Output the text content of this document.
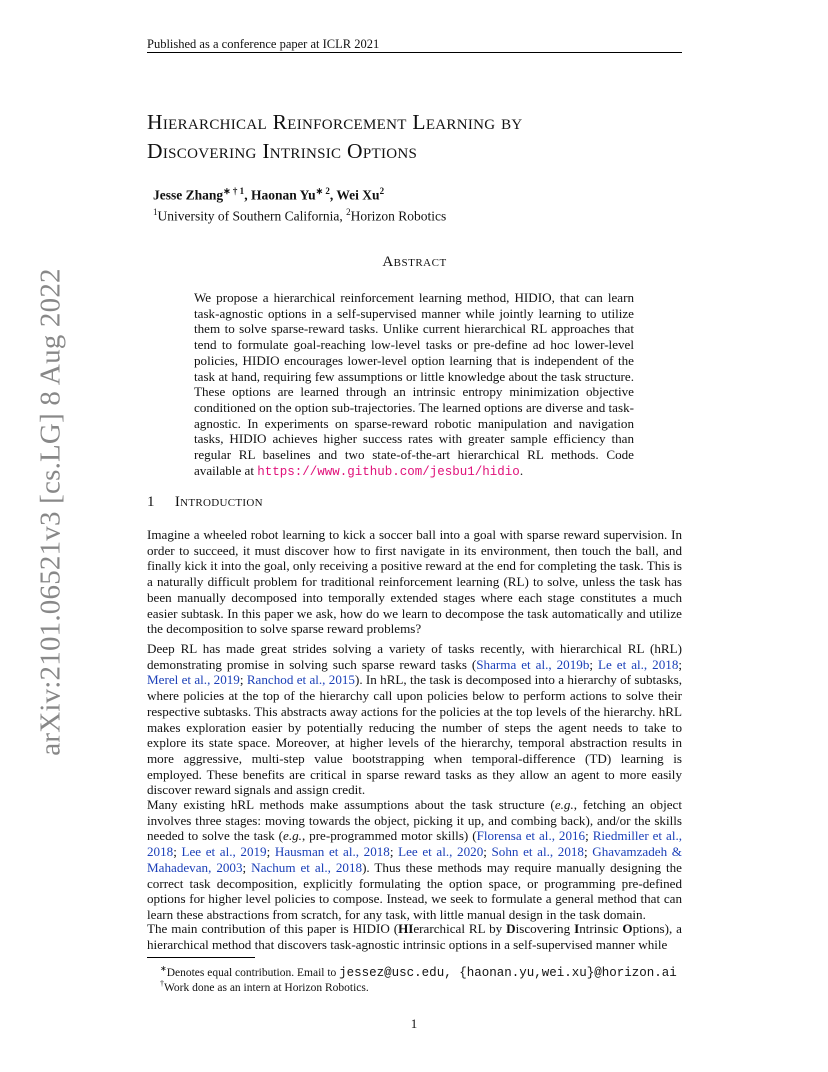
Published as a conference paper at ICLR 2021
arXiv:2101.06521v3 [cs.LG] 8 Aug 2022
Hierarchical Reinforcement Learning by
Discovering Intrinsic Options
Jesse Zhang$^{∗ \dagger 1}$, Haonan $Yu^{∗ 2}$, Wei Xu$^2$
$^1$University of Southern California, $^2$Horizon Robotics
Abstract
We propose a hierarchical reinforcement learning method, HIDIO, that can learn task-agnostic options in a self-supervised manner while jointly learning to utilize them to solve sparse-reward tasks. Unlike current hierarchical RL approaches that tend to formulate goal-reaching low-level tasks or pre-define ad hoc lower-level policies, HIDIO encourages lower-level option learning that is independent of the task at hand, requiring few assumptions or little knowledge about the task structure. These options are learned through an intrinsic entropy minimization objective conditioned on the option sub-trajectories. The learned options are diverse and task-agnostic. In experiments on sparse-reward robotic manipulation and navigation tasks, HIDIO achieves higher success rates with greater sample efficiency than regular RL baselines and two state-of-the-art hierarchical RL methods. Code available at https://www.github.com/jesbu1/hidio.
1 Introduction
Imagine a wheeled robot learning to kick a soccer ball into a goal with sparse reward supervision. In order to succeed, it must discover how to first navigate in its environment, then touch the ball, and finally kick it into the goal, only receiving a positive reward at the end for completing the task. This is a naturally difficult problem for traditional reinforcement learning (RL) to solve, unless the task has been manually decomposed into temporally extended stages where each stage constitutes a much easier subtask. In this paper we ask, how do we learn to decompose the task automatically and utilize the decomposition to solve sparse reward problems?
Deep RL has made great strides solving a variety of tasks recently, with hierarchical RL (hRL) demonstrating promise in solving such sparse reward tasks (Sharma et al., 2019b; Le et al., 2018; Merel et al., 2019; Ranchod et al., 2015). In hRL, the task is decomposed into a hierarchy of subtasks, where policies at the top of the hierarchy call upon policies below to perform actions to solve their respective subtasks. This abstracts away actions for the policies at the top levels of the hierarchy. hRL makes exploration easier by potentially reducing the number of steps the agent needs to take to explore its state space. Moreover, at higher levels of the hierarchy, temporal abstraction results in more aggressive, multi-step value bootstrapping when temporal-difference (TD) learning is employed. These benefits are critical in sparse reward tasks as they allow an agent to more easily discover reward signals and assign credit.
Many existing hRL methods make assumptions about the task structure (e.g., fetching an object involves three stages: moving towards the object, picking it up, and combing back), and/or the skills needed to solve the task (e.g., pre-programmed motor skills) (Florensa et al., 2016; Riedmiller et al., 2018; Lee et al., 2019; Hausman et al., 2018; Lee et al., 2020; Sohn et al., 2018; Ghavamzadeh & Mahadevan, 2003; Nachum et al., 2018). Thus these methods may require manually designing the correct task decomposition, explicitly formulating the option space, or programming pre-defined options for higher level policies to compose. Instead, we seek to formulate a general method that can learn these abstractions from scratch, for any task, with little manual design in the task domain.
The main contribution of this paper is HIDIO (HIerarchical RL by Discovering Intrinsic Options), a hierarchical method that discovers task-agnostic intrinsic options in a self-supervised manner while
∗Denotes equal contribution. Email to jessez@usc.edu, {haonan.yu,wei.xu}@horizon.ai
†Work done as an intern at Horizon Robotics.
1
